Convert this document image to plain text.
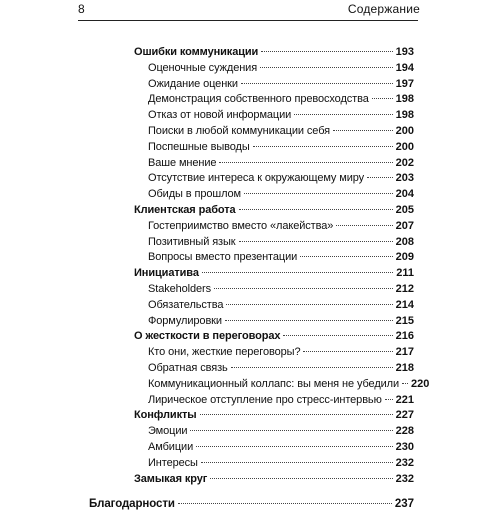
8	Содержание
Ошибки коммуникации	193
Оценочные суждения	194
Ожидание оценки	197
Демонстрация собственного превосходства 198
Отказ от новой информации	198
Поиски в любой коммуникации себя	200
Поспешные выводы	200
Ваше мнение	202
Отсутствие интереса к окружающему миру	203
Обиды в прошлом	204
Клиентская работа	205
Гостеприимство вместо «лакейства»	207
Позитивный язык	208
Вопросы вместо презентации	209
Инициатива	211
Stakeholders	212
Обязательства	214
Формулировки	215
О жесткости в переговорах	216
Кто они, жесткие переговоры?	217
Обратная связь	218
Коммуникационный коллапс: вы меня не убедили 220
Лирическое отступление про стресс-интервью 221
Конфликты	227
Эмоции	228
Амбиции	230
Интересы	232
Замыкая круг	232
Благодарности	237
